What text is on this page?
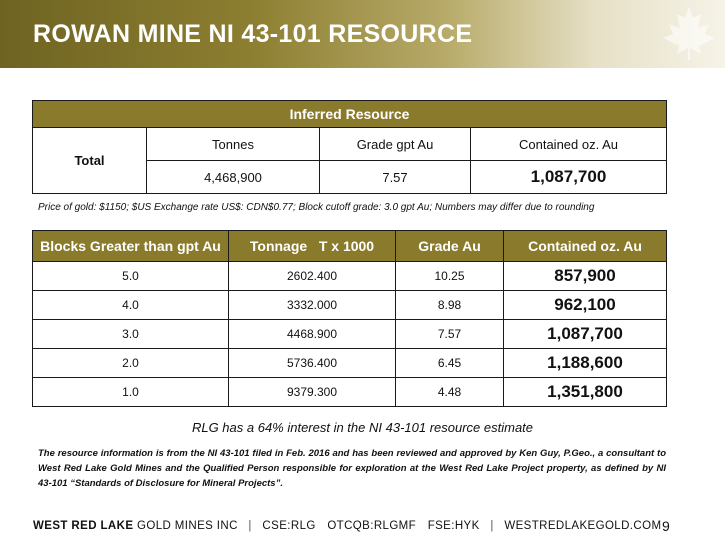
ROWAN MINE NI 43-101 RESOURCE
Inferred Resource			
Total	Tonnes	Grade gpt Au	Contained oz. Au
	4,468,900	7.57	1,087,700
Price of gold: $1150; $US Exchange rate US$: CDN$0.77; Block cutoff grade: 3.0 gpt Au; Numbers may differ due to rounding
Blocks Greater than gpt Au	Tonnage   T x 1000	Grade Au	Contained oz. Au
5.0	2602.400	10.25	857,900
4.0	3332.000	8.98	962,100
3.0	4468.900	7.57	1,087,700
2.0	5736.400	6.45	1,188,600
1.0	9379.300	4.48	1,351,800
RLG has a 64% interest in the NI 43-101 resource estimate
The resource information is from the NI 43-101 filed in Feb. 2016 and has been reviewed and approved by Ken Guy, P.Geo., a consultant to West Red Lake Gold Mines and the Qualified Person responsible for exploration at the West Red Lake Project property, as defined by NI 43-101 “Standards of Disclosure for Mineral Projects”.
WEST RED LAKE GOLD MINES INC | CSE:RLG OTCQB:RLGMF FSE:HYK | WESTREDLAKEGOLD.COM 9
